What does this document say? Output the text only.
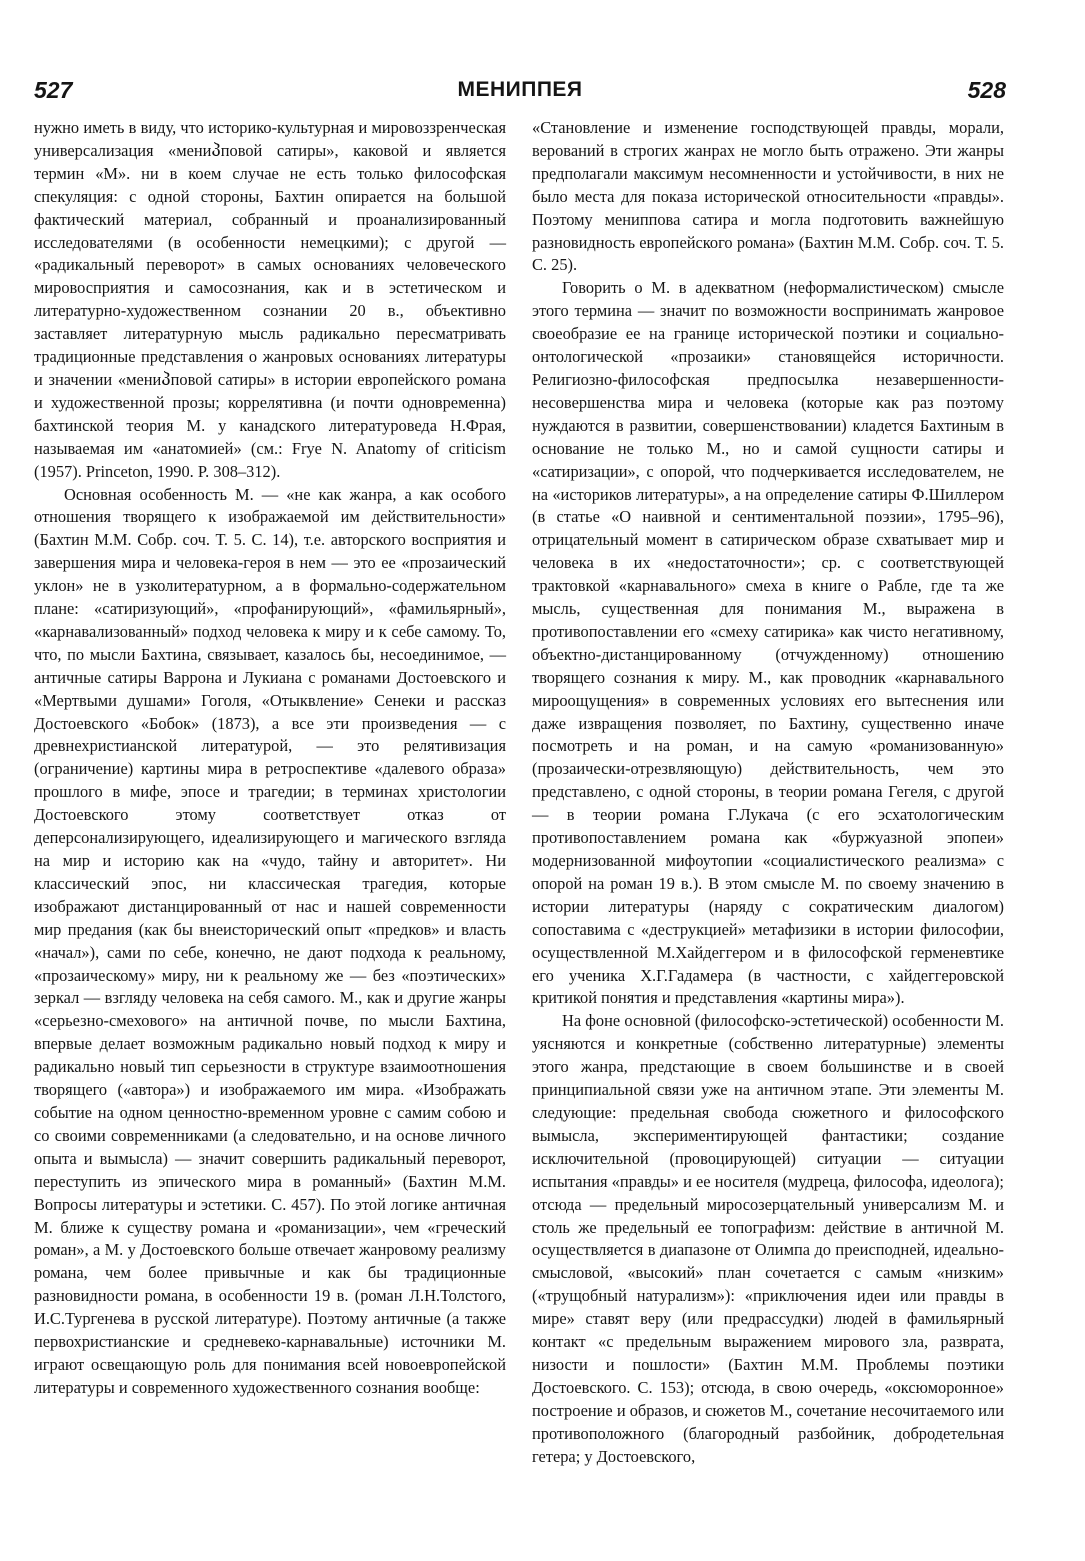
527	МЕНИППЕЯ	528

нужно иметь в виду, что историко-культурная и мировоззренческая универсализация «мениპповой сатиры», каковой и является термин «М». ни в коем случае не есть только философская спекуляция: с одной стороны, Бахтин опирается на большой фактический материал, собранный и проанализированный исследователями (в особенности немецкими); с другой — «радикальный переворот» в самых основаниях человеческого мировосприятия и самосознания, как и в эстетическом и литературно-художественном сознании 20 в., объективно заставляет литературную мысль радикально пересматривать традиционные представления о жанровых основаниях литературы и значении «мениპповой сатиры» в истории европейского романа и художественной прозы; коррелятивна (и почти одновременна) бахтинской теория М. у канадского литературоведа Н.Фрая, называемая им «анатомией» (см.: Frye N. Anatomy of criticism (1957). Princeton, 1990. P. 308–312).

Основная особенность М. — «не как жанра, а как особого отношения творящего к изображаемой им действительности» (Бахтин М.М. Собр. соч. Т. 5. С. 14), т.е. авторского восприятия и завершения мира и человека-героя в нем — это ее «прозаический уклон» не в узколитературном, а в формально-содержательном плане: «сатиризующий», «профанирующий», «фамильярный», «карнавализованный» подход человека к миру и к себе самому. То, что, по мысли Бахтина, связывает, казалось бы, несоединимое, — античные сатиры Варрона и Лукиана с романами Достоевского и «Мертвыми душами» Гоголя, «Отыквление» Сенеки и рассказ Достоевского «Бобок» (1873), а все эти произведения — с древнехристианской литературой, — это релятивизация (ограничение) картины мира в ретроспективе «далевого образа» прошлого в мифе, эпосе и трагедии; в терминах христологии Достоевского этому соответствует отказ от деперсонализирующего, идеализирующего и магического взгляда на мир и историю как на «чудо, тайну и авторитет». Ни классический эпос, ни классическая трагедия, которые изображают дистанцированный от нас и нашей современности мир предания (как бы внеисторический опыт «предков» и власть «начал»), сами по себе, конечно, не дают подхода к реальному, «прозаическому» миру, ни к реальному же — без «поэтических» зеркал — взгляду человека на себя самого. М., как и другие жанры «серьезно-смехового» на античной почве, по мысли Бахтина, впервые делает возможным радикально новый подход к миру и радикально новый тип серьезности в структуре взаимоотношения творящего («автора») и изображаемого им мира. «Изображать событие на одном ценностно-временном уровне с самим собою и со своими современниками (а следовательно, и на основе личного опыта и вымысла) — значит совершить радикальный переворот, переступить из эпического мира в романный» (Бахтин М.М. Вопросы литературы и эстетики. С. 457). По этой логике античная М. ближе к существу романа и «романизации», чем «греческий роман», а М. у Достоевского больше отвечает жанровому реализму романа, чем более привычные и как бы традиционные разновидности романа, в особенности 19 в. (роман Л.Н.Толстого, И.С.Тургенева в русской литературе). Поэтому античные (а также первохристианские и средневеко-карнавальные) источники М. играют освещающую роль для понимания всей новоевропейской литературы и современного художественного сознания вообще:

«Становление и изменение господствующей правды, морали, верований в строгих жанрах не могло быть отражено. Эти жанры предполагали максимум несомненности и устойчивости, в них не было места для показа исторической относительности «правды». Поэтому мениппова сатира и могла подготовить важнейшую разновидность европейского романа» (Бахтин М.М. Собр. соч. Т. 5. С. 25).

Говорить о М. в адекватном (неформалистическом) смысле этого термина — значит по возможности воспринимать жанровое своеобразие ее на границе исторической поэтики и социально-онтологической «прозаики» становящейся историчности. Религиозно-философская предпосылка незавершенности-несовершенства мира и человека (которые как раз поэтому нуждаются в развитии, совершенствовании) кладется Бахтиным в основание не только М., но и самой сущности сатиры и «сатиризации», с опорой, что подчеркивается исследователем, не на «историков литературы», а на определение сатиры Ф.Шиллером (в статье «О наивной и сентиментальной поэзии», 1795–96), отрицательный момент в сатирическом образе схватывает мир и человека в их «недостаточности»; ср. с соответствующей трактовкой «карнавального» смеха в книге о Рабле, где та же мысль, существенная для понимания М., выражена в противопоставлении его «смеху сатирика» как чисто негативному, объектно-дистанцированному (отчужденному) отношению творящего сознания к миру. М., как проводник «карнавального мироощущения» в современных условиях его вытеснения или даже извращения позволяет, по Бахтину, существенно иначе посмотреть и на роман, и на самую «романизованную» (прозаически-отрезвляющую) действительность, чем это представлено, с одной стороны, в теории романа Гегеля, с другой — в теории романа Г.Лукача (с его эсхатологическим противопоставлением романа как «буржуазной эпопеи» модернизованной мифоутопии «социалистического реализма» с опорой на роман 19 в.). В этом смысле М. по своему значению в истории литературы (наряду с сократическим диалогом) сопоставима с «деструкцией» метафизики в истории философии, осуществленной М.Хайдеггером и в философской герменевтике его ученика Х.Г.Гадамера (в частности, с хайдеггеровской критикой понятия и представления «картины мира»).

На фоне основной (философско-эстетической) особенности М. уясняются и конкретные (собственно литературные) элементы этого жанра, предстающие в своем большинстве и в своей принципиальной связи уже на античном этапе. Эти элементы М. следующие: предельная свобода сюжетного и философского вымысла, экспериментирующей фантастики; создание исключительной (провоцирующей) ситуации — ситуации испытания «правды» и ее носителя (мудреца, философа, идеолога); отсюда — предельный миросозерцательный универсализм М. и столь же предельный ее топографизм: действие в античной М. осуществляется в диапазоне от Олимпа до преисподней, идеально-смысловой, «высокий» план сочетается с самым «низким» («трущобный натурализм»): «приключения идеи или правды в мире» ставят веру (или предрассудки) людей в фамильярный контакт «с предельным выражением мирового зла, разврата, низости и пошлости» (Бахтин М.М. Проблемы поэтики Достоевского. С. 153); отсюда, в свою очередь, «оксюморонное» построение и образов, и сюжетов М., сочетание несочитаемого или противоположного (благородный разбойник, добродетельная гетера; у Достоевского,
